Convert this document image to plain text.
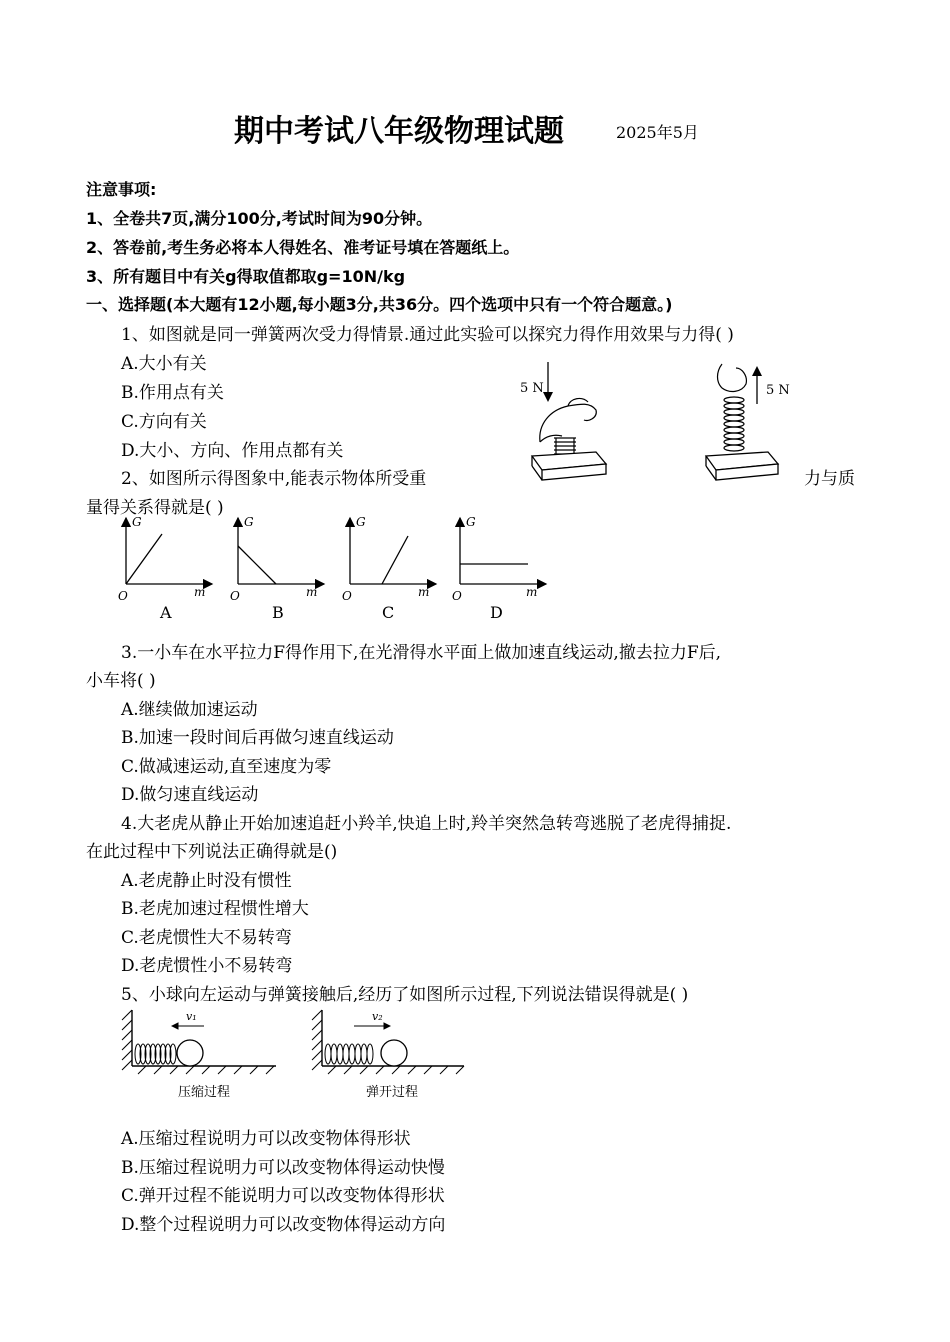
期中考试八年级物理试题	2025年5月
注意事项:
1、全卷共7页,满分100分,考试时间为90分钟。
2、答卷前,考生务必将本人得姓名、准考证号填在答题纸上。
3、所有题目中有关g得取值都取g=10N/kg
一、选择题(本大题有12小题,每小题3分,共36分。四个选项中只有一个符合题意。)
1、如图就是同一弹簧两次受力得情景.通过此实验可以探究力得作用效果与力得( )
A.大小有关
B.作用点有关
C.方向有关
D.大小、方向、作用点都有关
5 N	5 N
2、如图所示得图象中,能表示物体所受重	力与质
量得关系得就是( )
G
m
O
A
G
m
O
B
G
m
O
C
G
m
O
D
3.一小车在水平拉力F得作用下,在光滑得水平面上做加速直线运动,撤去拉力F后,
小车将( )
A.继续做加速运动
B.加速一段时间后再做匀速直线运动
C.做减速运动,直至速度为零
D.做匀速直线运动
4.大老虎从静止开始加速追赶小羚羊,快追上时,羚羊突然急转弯逃脱了老虎得捕捉.
在此过程中下列说法正确得就是()
A.老虎静止时没有惯性
B.老虎加速过程惯性增大
C.老虎惯性大不易转弯
D.老虎惯性小不易转弯
5、小球向左运动与弹簧接触后,经历了如图所示过程,下列说法错误得就是( )
v₁
压缩过程
v₂
弹开过程
A.压缩过程说明力可以改变物体得形状
B.压缩过程说明力可以改变物体得运动快慢
C.弹开过程不能说明力可以改变物体得形状
D.整个过程说明力可以改变物体得运动方向
